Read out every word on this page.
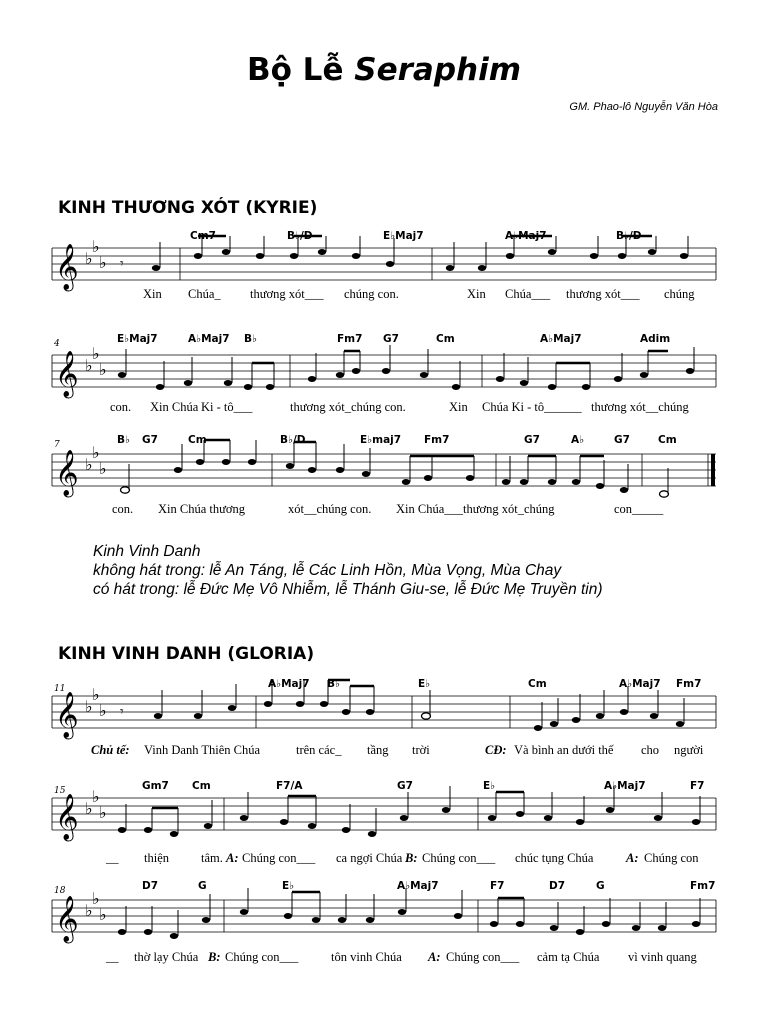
Bộ Lễ Seraphim
GM. Phao-lô Nguyễn Văn Hòa
KINH THƯƠNG XÓT (KYRIE)
𝄞 ♭
♭
♭ 𝄾
Cm7	B♭/D	E♭Maj7	A♭Maj7	B♭/D
Xin Chúa_ thương xót___ chúng con.	Xin Chúa___ thương xót___ chúng
4
𝄞 ♭
♭
♭
E♭Maj7	A♭Maj7 B♭	Fm7 G7	Cm	A♭Maj7	Adim
con. Xin Chúa Ki - tô___	thương xót_chúng con.	Xin Chúa Ki - tô______ thương xót__chúng
7
𝄞 ♭
♭
♭
B♭ G7	Cm	B♭/D	E♭maj7 Fm7	G7	A♭	G7	Cm
con. Xin Chúa thương	xót__chúng con. Xin Chúa___thương xót_chúng	con_____
Kinh Vinh Danh
không hát trong: lễ An Táng, lễ Các Linh Hồn, Mùa Vọng, Mùa Chay
có hát trong: lễ Đức Mẹ Vô Nhiễm, lễ Thánh Giu-se, lễ Đức Mẹ Truyền tin)
KINH VINH DANH (GLORIA)
11
𝄞 ♭
♭
♭ 𝄾
A♭Maj7 B♭	E♭	Cm	A♭Maj7 Fm7
Chủ tế: Vinh Danh Thiên Chúa	trên các_ tầng trời	CĐ: Và bình an dưới thế cho người
15
𝄞 ♭
♭
♭
Gm7 Cm	F7/A	G7	E♭	A♭Maj7	F7
__ thiện	tâm. A: Chúng con___ ca ngợi Chúa B: Chúng con___ chúc tụng Chúa	A: Chúng con
18
𝄞 ♭
♭
♭
D7	G	E♭	A♭Maj7	F7	D7	G	Fm7
__ thờ lạy Chúa B: Chúng con___	tôn vinh Chúa A: Chúng con___ cảm tạ Chúa vì vinh quang
